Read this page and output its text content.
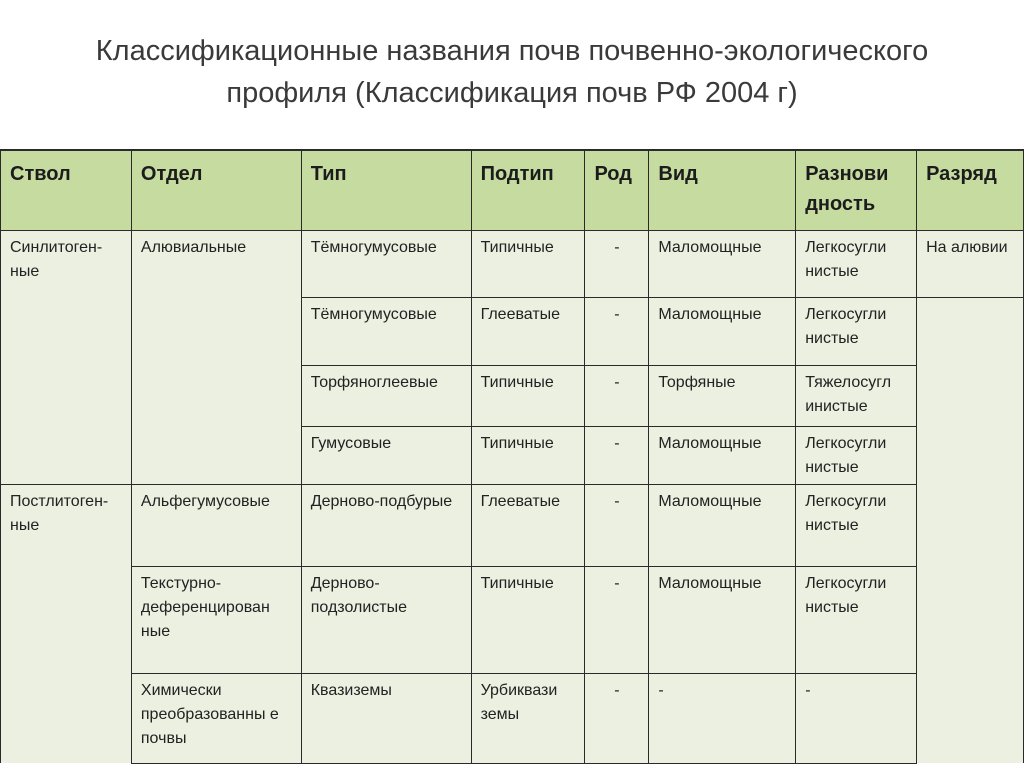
Классификационные названия почв почвенно-экологического
профиля (Классификация почв РФ 2004 г)
Ствол	Отдел	Тип	Подтип	Род	Вид	Разнови дность	Разряд
Синлитоген-ные	Алювиальные	Тёмногумусовые	Типичные	-	Маломощные	Легкосугли нистые	На алювии
		Тёмногумусовые	Глееватые	-	Маломощные	Легкосугли нистые	
		Торфяноглеевые	Типичные	-	Торфяные	Тяжелосугл инистые	
		Гумусовые	Типичные	-	Маломощные	Легкосугли нистые	
Постлитоген-ные	Альфегумусовые	Дерново-подбурые	Глееватые	-	Маломощные	Легкосугли нистые	
	Текстурно-деференцирован ные	Дерново-подзолистые	Типичные	-	Маломощные	Легкосугли нистые	
	Химически преобразованны е почвы	Квазиземы	Урбиквази земы	-	-	-	
